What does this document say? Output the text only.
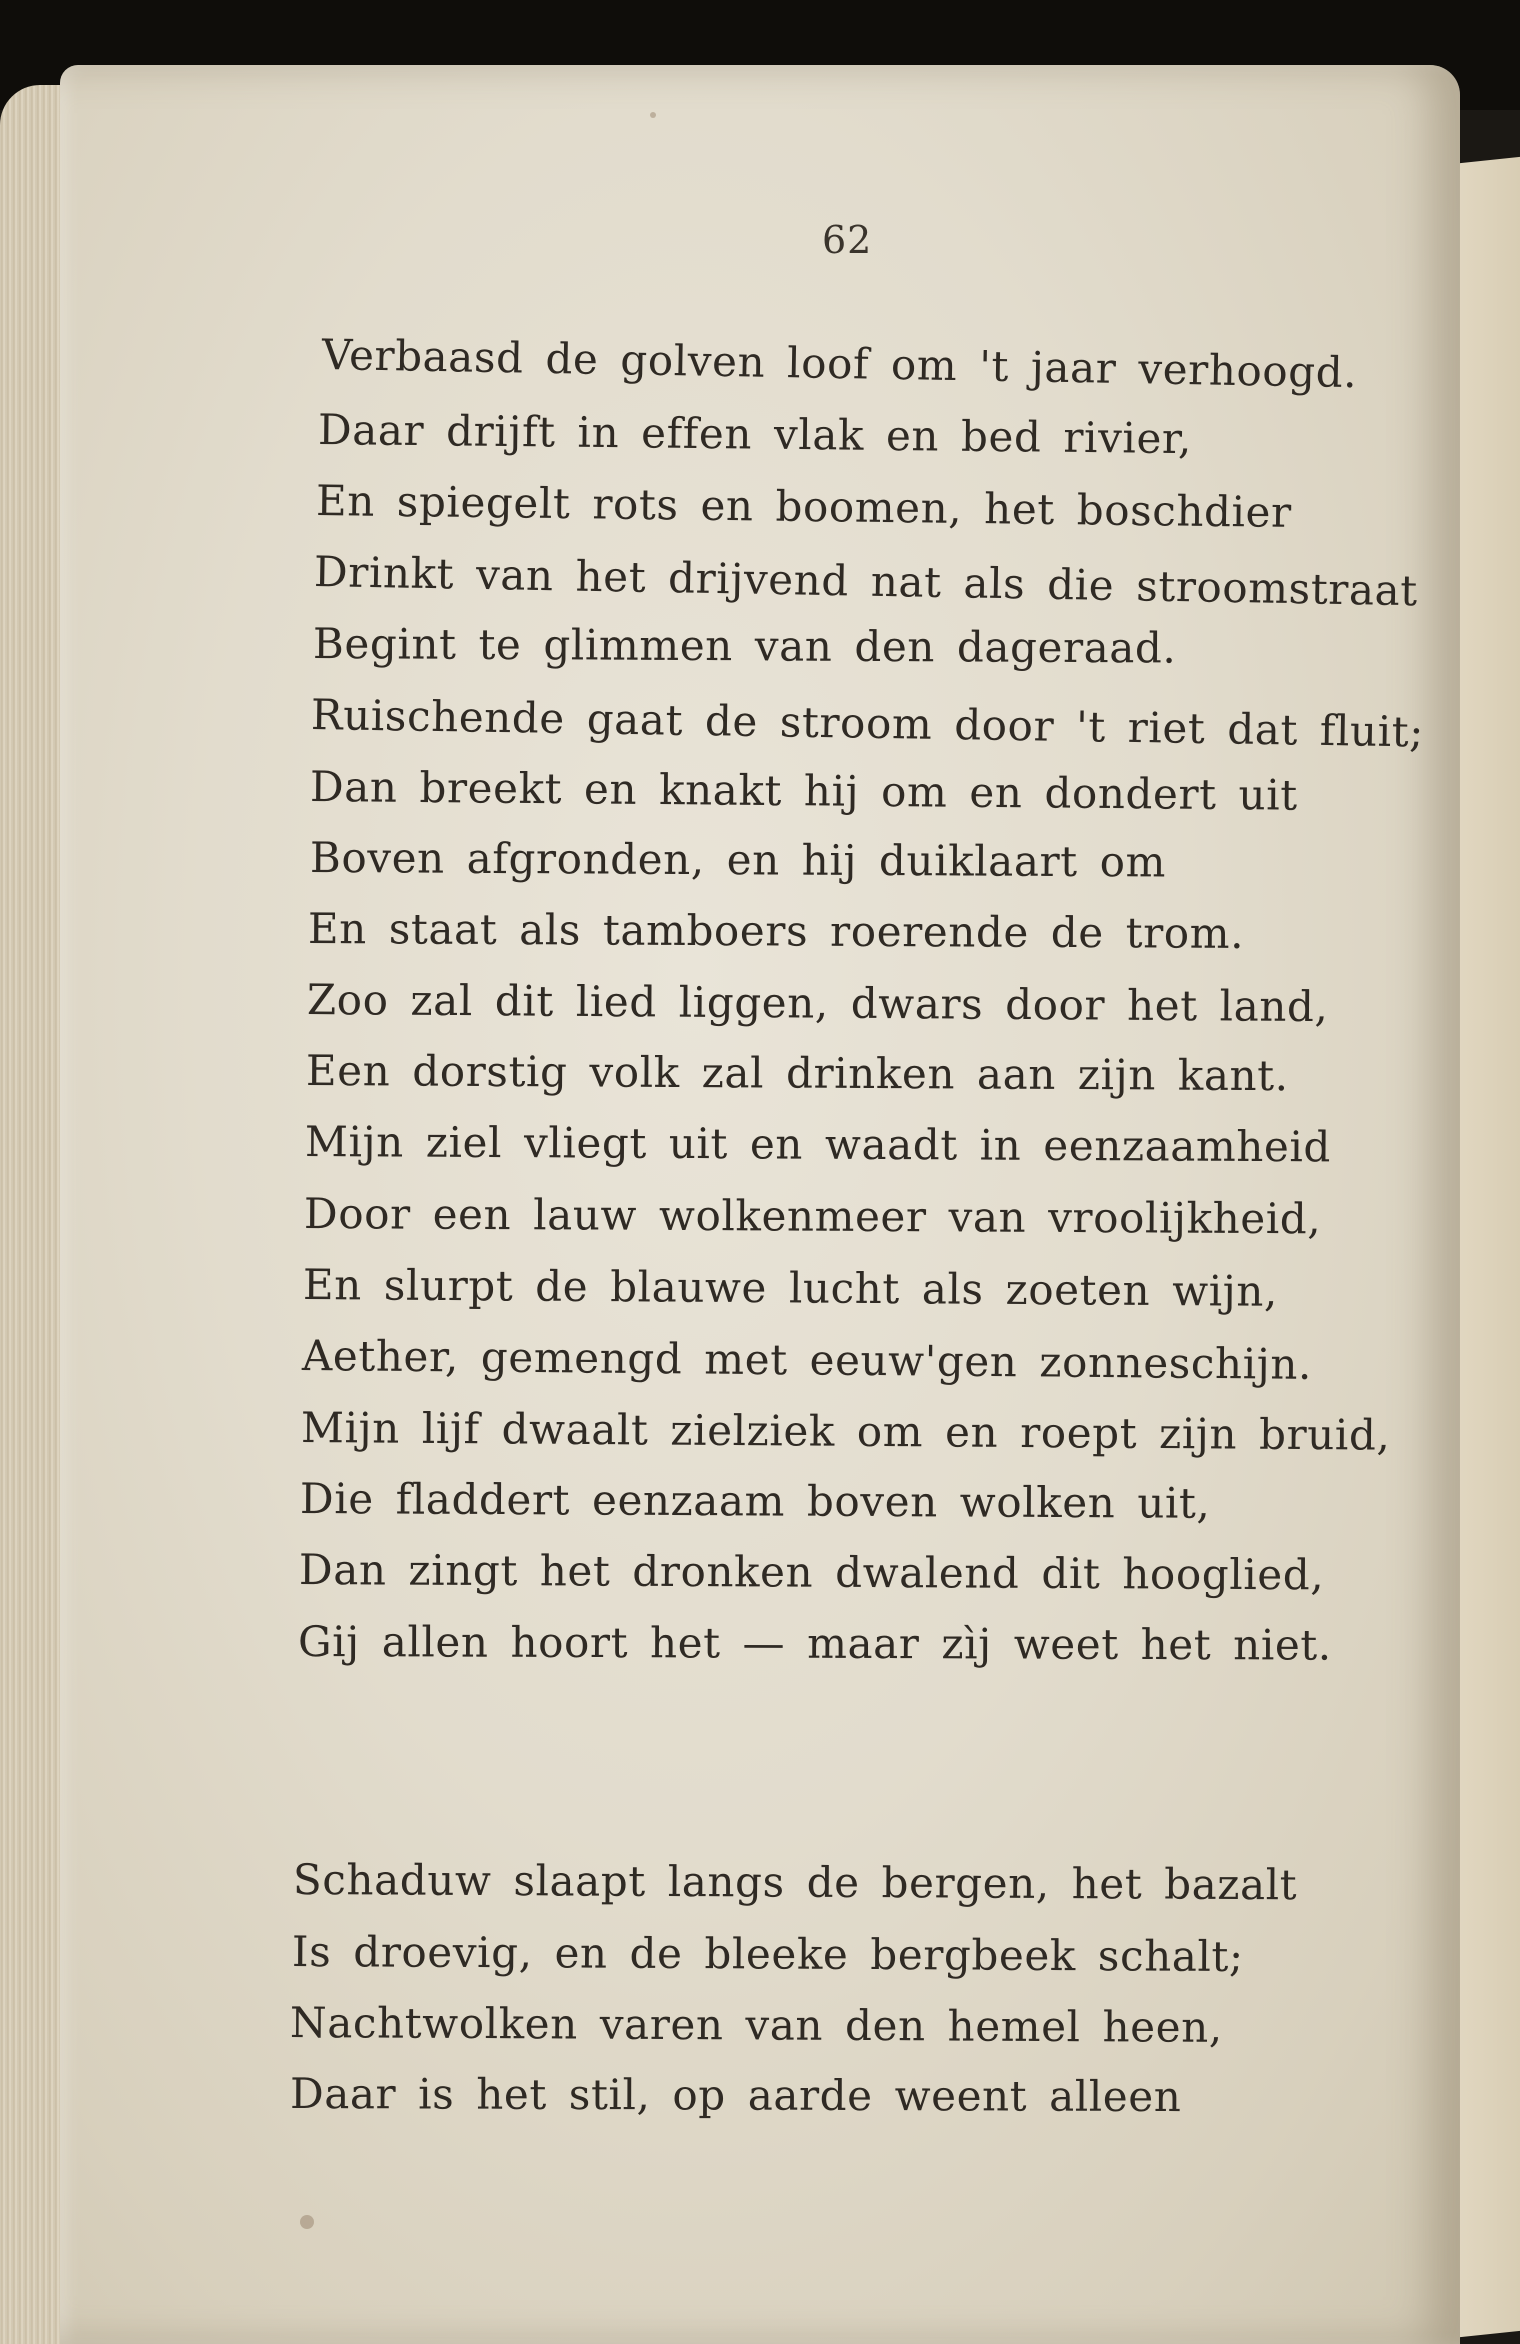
62
Verbaasd de golven loof om 't jaar verhoogd.
Daar drijft in effen vlak en bed rivier,
En spiegelt rots en boomen, het boschdier
Drinkt van het drijvend nat als die stroomstraat
Begint te glimmen van den dageraad.
Ruischende gaat de stroom door 't riet dat fluit;
Dan breekt en knakt hij om en dondert uit
Boven afgronden, en hij duiklaart om
En staat als tamboers roerende de trom.
Zoo zal dit lied liggen, dwars door het land,
Een dorstig volk zal drinken aan zijn kant.
Mijn ziel vliegt uit en waadt in eenzaamheid
Door een lauw wolkenmeer van vroolijkheid,
En slurpt de blauwe lucht als zoeten wijn,
Aether, gemengd met eeuw'gen zonneschijn.
Mijn lijf dwaalt zielziek om en roept zijn bruid,
Die fladdert eenzaam boven wolken uit,
Dan zingt het dronken dwalend dit hooglied,
Gij allen hoort het — maar zìj weet het niet.
Schaduw slaapt langs de bergen, het bazalt
Is droevig, en de bleeke bergbeek schalt;
Nachtwolken varen van den hemel heen,
Daar is het stil, op aarde weent alleen
